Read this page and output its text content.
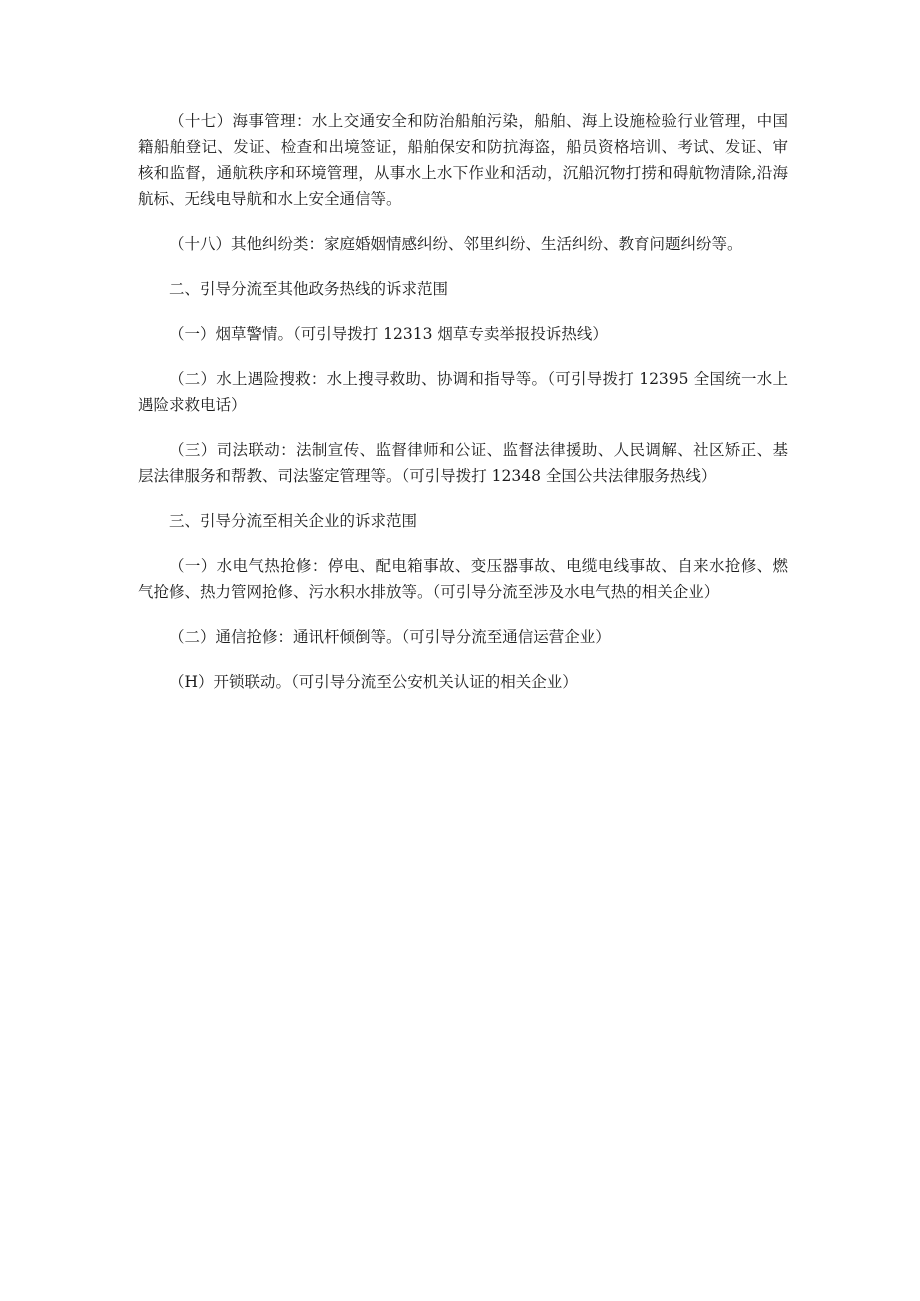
（十七）海事管理：水上交通安全和防治船舶污染，船舶、海上设施检验行业管理，中国籍船舶登记、发证、检查和出境签证，船舶保安和防抗海盗，船员资格培训、考试、发证、审核和监督，通航秩序和环境管理，从事水上水下作业和活动，沉船沉物打捞和碍航物清除,沿海航标、无线电导航和水上安全通信等。

（十八）其他纠纷类：家庭婚姻情感纠纷、邻里纠纷、生活纠纷、教育问题纠纷等。

二、引导分流至其他政务热线的诉求范围

（一）烟草警情。（可引导拨打 12313 烟草专卖举报投诉热线）

（二）水上遇险搜救：水上搜寻救助、协调和指导等。（可引导拨打 12395 全国统一水上遇险求救电话）

（三）司法联动：法制宣传、监督律师和公证、监督法律援助、人民调解、社区矫正、基层法律服务和帮教、司法鉴定管理等。（可引导拨打 12348 全国公共法律服务热线）

三、引导分流至相关企业的诉求范围

（一）水电气热抢修：停电、配电箱事故、变压器事故、电缆电线事故、自来水抢修、燃气抢修、热力管网抢修、污水积水排放等。（可引导分流至涉及水电气热的相关企业）

（二）通信抢修：通讯杆倾倒等。（可引导分流至通信运营企业）

（H）开锁联动。（可引导分流至公安机关认证的相关企业）
